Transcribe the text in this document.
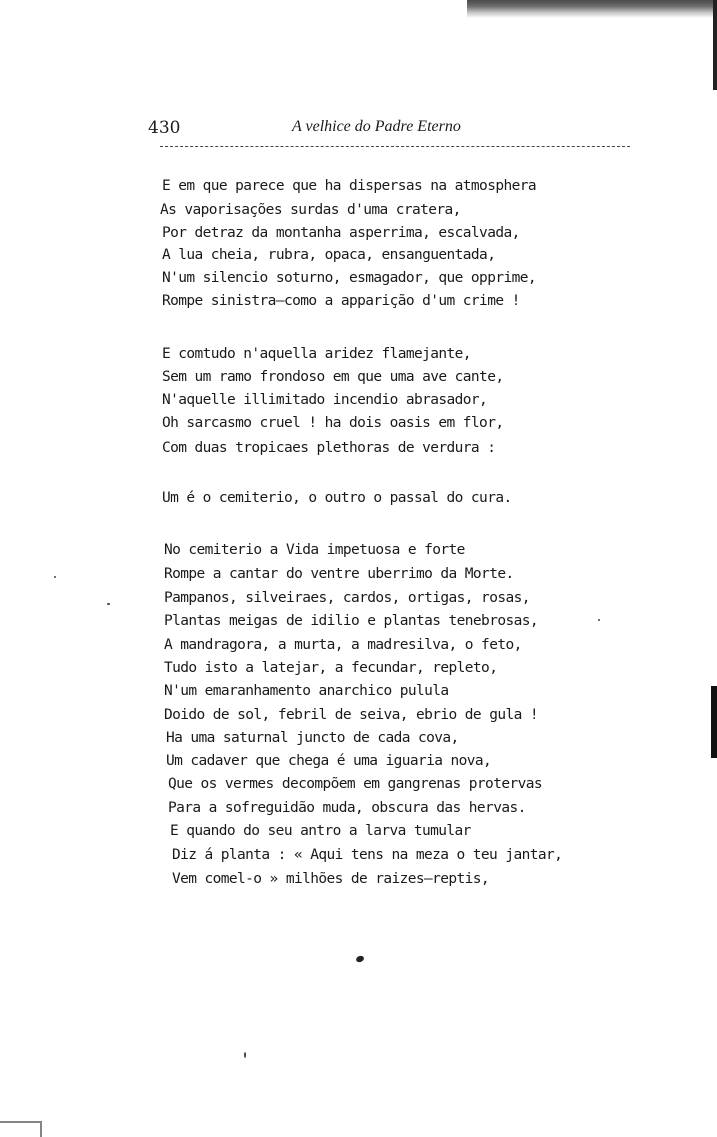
430	A velhice do Padre Eterno
E em que parece que ha dispersas na atmosphera
As vaporisações surdas d'uma cratera,
Por detraz da montanha asperrima, escalvada,
A lua cheia, rubra, opaca, ensanguentada,
N'um silencio soturno, esmagador, que opprime,
Rompe sinistra—como a apparição d'um crime !
E comtudo n'aquella aridez flamejante,
Sem um ramo frondoso em que uma ave cante,
N'aquelle illimitado incendio abrasador,
Oh sarcasmo cruel ! ha dois oasis em flor,
Com duas tropicaes plethoras de verdura :
Um é o cemiterio, o outro o passal do cura.
No cemiterio a Vida impetuosa e forte
Rompe a cantar do ventre uberrimo da Morte.
Pampanos, silveiraes, cardos, ortigas, rosas,
Plantas meigas de idilio e plantas tenebrosas,
A mandragora, a murta, a madresilva, o feto,
Tudo isto a latejar, a fecundar, repleto,
N'um emaranhamento anarchico pulula
Doido de sol, febril de seiva, ebrio de gula !
Ha uma saturnal juncto de cada cova,
Um cadaver que chega é uma iguaria nova,
Que os vermes decompõem em gangrenas protervas
Para a sofreguidão muda, obscura das hervas.
E quando do seu antro a larva tumular
Diz á planta : « Aqui tens na meza o teu jantar,
Vem comel-o » milhões de raizes—reptis,
